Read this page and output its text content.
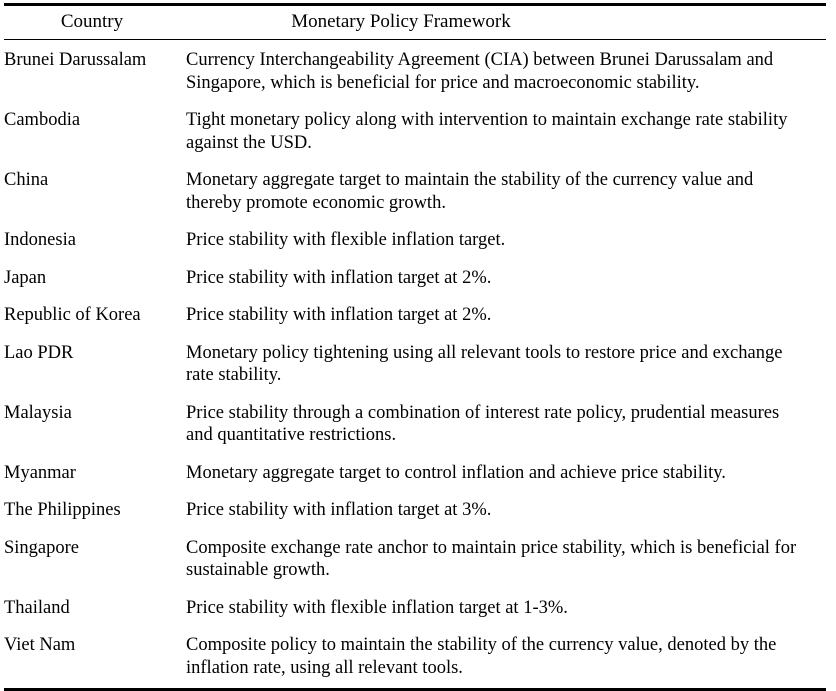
Country	Monetary Policy Framework
Brunei Darussalam	Currency Interchangeability Agreement (CIA) between Brunei Darussalam and Singapore, which is beneficial for price and macroeconomic stability.
Cambodia	Tight monetary policy along with intervention to maintain exchange rate stability against the USD.
China	Monetary aggregate target to maintain the stability of the currency value and thereby promote economic growth.
Indonesia	Price stability with flexible inflation target.
Japan	Price stability with inflation target at 2%.
Republic of Korea	Price stability with inflation target at 2%.
Lao PDR	Monetary policy tightening using all relevant tools to restore price and exchange rate stability.
Malaysia	Price stability through a combination of interest rate policy, prudential measures and quantitative restrictions.
Myanmar	Monetary aggregate target to control inflation and achieve price stability.
The Philippines	Price stability with inflation target at 3%.
Singapore	Composite exchange rate anchor to maintain price stability, which is beneficial for sustainable growth.
Thailand	Price stability with flexible inflation target at 1-3%.
Viet Nam	Composite policy to maintain the stability of the currency value, denoted by the inflation rate, using all relevant tools.
